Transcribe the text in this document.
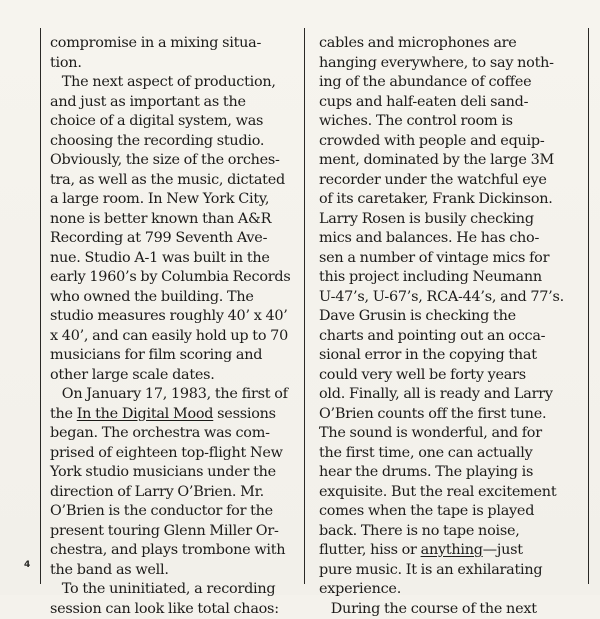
4
compromise in a mixing situa-
tion.
The next aspect of production,
and just as important as the
choice of a digital system, was
choosing the recording studio.
Obviously, the size of the orches-
tra, as well as the music, dictated
a large room. In New York City,
none is better known than A&R
Recording at 799 Seventh Ave-
nue. Studio A-1 was built in the
early 1960’s by Columbia Records
who owned the building. The
studio measures roughly 40’ x 40’
x 40’, and can easily hold up to 70
musicians for film scoring and
other large scale dates.
On January 17, 1983, the first of
the In the Digital Mood sessions
began. The orchestra was com-
prised of eighteen top-flight New
York studio musicians under the
direction of Larry O’Brien. Mr.
O’Brien is the conductor for the
present touring Glenn Miller Or-
chestra, and plays trombone with
the band as well.
To the uninitiated, a recording
session can look like total chaos:
cables and microphones are
hanging everywhere, to say noth-
ing of the abundance of coffee
cups and half-eaten deli sand-
wiches. The control room is
crowded with people and equip-
ment, dominated by the large 3M
recorder under the watchful eye
of its caretaker, Frank Dickinson.
Larry Rosen is busily checking
mics and balances. He has cho-
sen a number of vintage mics for
this project including Neumann
U-47’s, U-67’s, RCA-44’s, and 77’s.
Dave Grusin is checking the
charts and pointing out an occa-
sional error in the copying that
could very well be forty years
old. Finally, all is ready and Larry
O’Brien counts off the first tune.
The sound is wonderful, and for
the first time, one can actually
hear the drums. The playing is
exquisite. But the real excitement
comes when the tape is played
back. There is no tape noise,
flutter, hiss or anything—just
pure music. It is an exhilarating
experience.
During the course of the next
